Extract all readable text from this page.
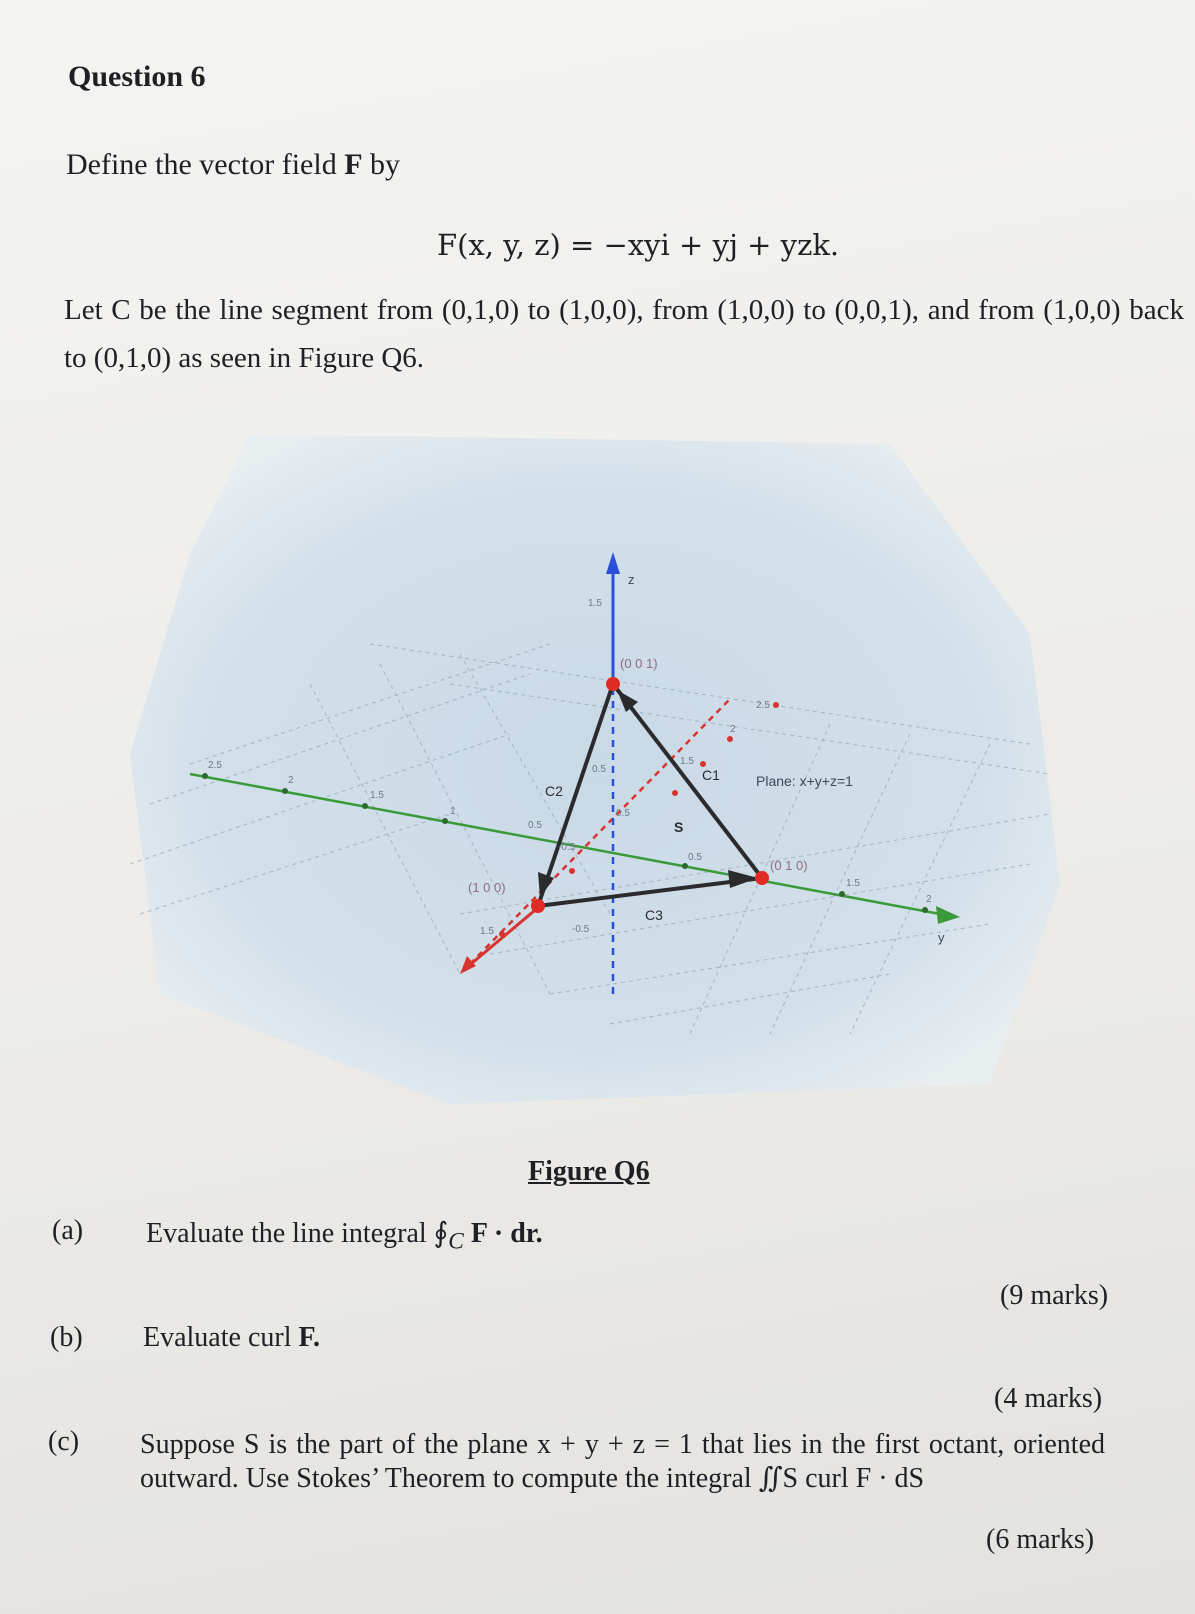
Question 6
Define the vector field F by
F(x, y, z) = −xyi + yj + yzk.
Let C be the line segment from (0,1,0) to (1,0,0), from (1,0,0) to (0,0,1), and from (1,0,0) back to (0,1,0) as seen in Figure Q6.
z
y
(0 0 1)
(1 0 0)
(0 1 0)
C1
C2
C3
S
Plane: x+y+z=1
1.5
0.5
-0.5
2.5
2
1.5
1
0.5
0.5
1.5
2
2.5
2
1.5
0.5
-0.5
1.5
Figure Q6
(a) Evaluate the line integral $∮_C$ F · dr.
(9 marks)
(b) Evaluate curl F.
(4 marks)
(c) Suppose S is the part of the plane x + y + z = 1 that lies in the first octant, oriented outward. Use Stokes’ Theorem to compute the integral ∬S curl F · dS
(6 marks)
